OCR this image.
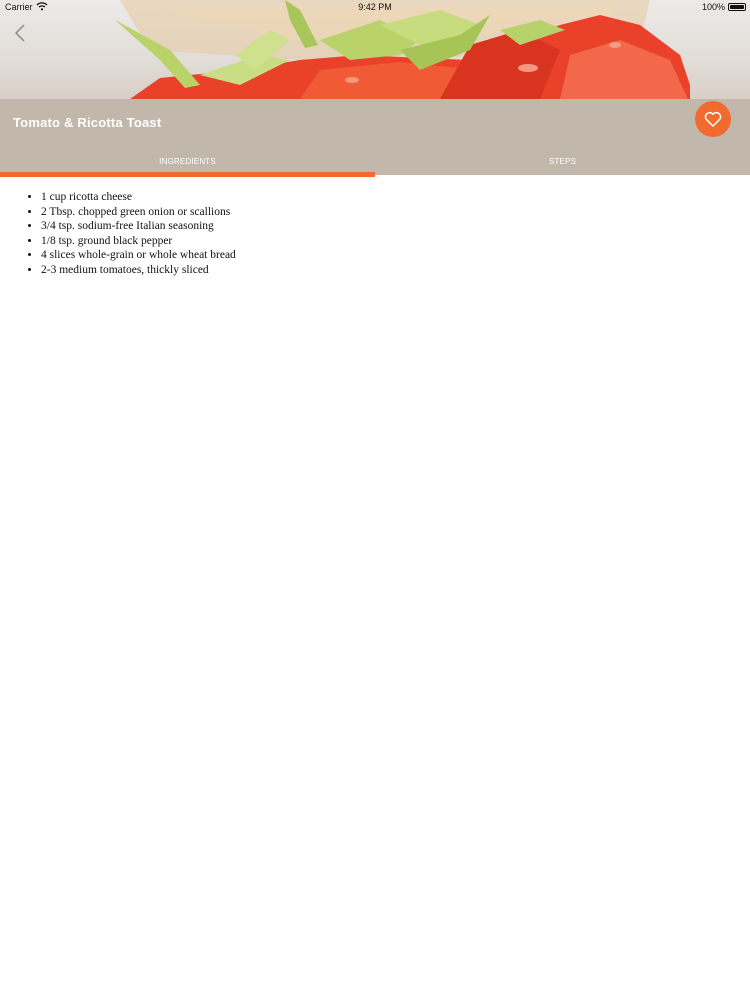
Carrier	9:42 PM	100%
Tomato & Ricotta Toast
INGREDIENTS	STEPS
• 1 cup ricotta cheese
• 2 Tbsp. chopped green onion or scallions
• 3/4 tsp. sodium-free Italian seasoning
• 1/8 tsp. ground black pepper
• 4 slices whole-grain or whole wheat bread
• 2-3 medium tomatoes, thickly sliced
